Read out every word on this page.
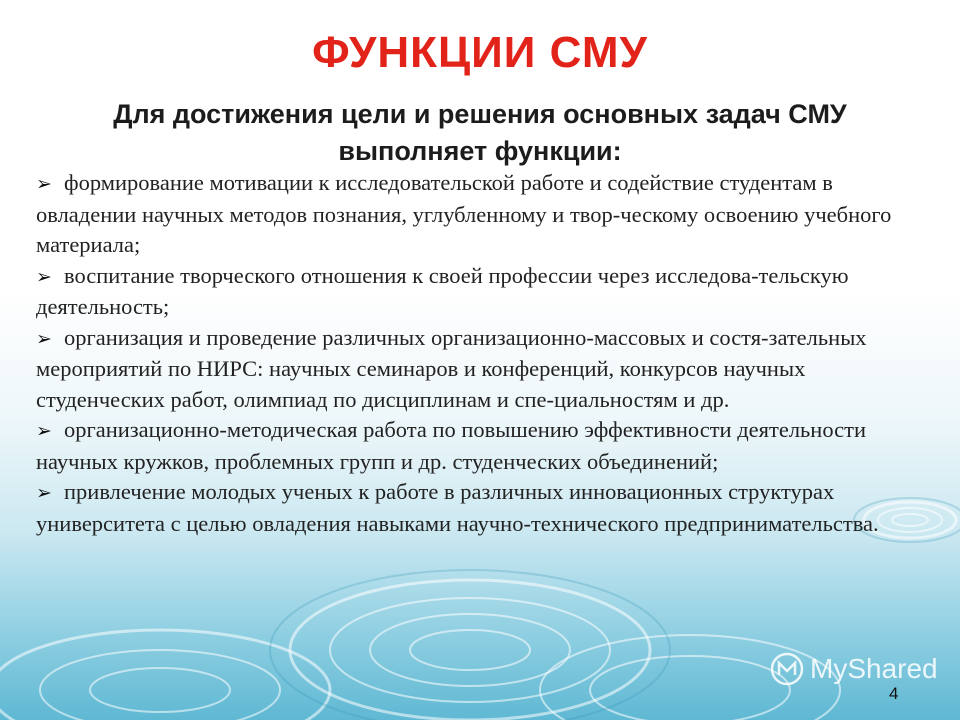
ФУНКЦИИ СМУ
Для достижения цели и решения основных задач СМУ выполняет функции:
➢ формирование мотивации к исследовательской работе и содействие студентам в овладении научных методов познания, углубленному и твор-ческому освоению учебного материала;
➢ воспитание творческого отношения к своей профессии через исследова-тельскую деятельность;
➢ организация и проведение различных организационно-массовых и состя-зательных мероприятий по НИРС: научных семинаров и конференций, конкурсов научных студенческих работ, олимпиад по дисциплинам и спе-циальностям и др.
➢ организационно-методическая работа по повышению эффективности деятельности научных кружков, проблемных групп и др. студенческих объединений;
➢ привлечение молодых ученых к работе в различных инновационных структурах университета с целью овладения навыками научно-технического предпринимательства.
MyShared
4
